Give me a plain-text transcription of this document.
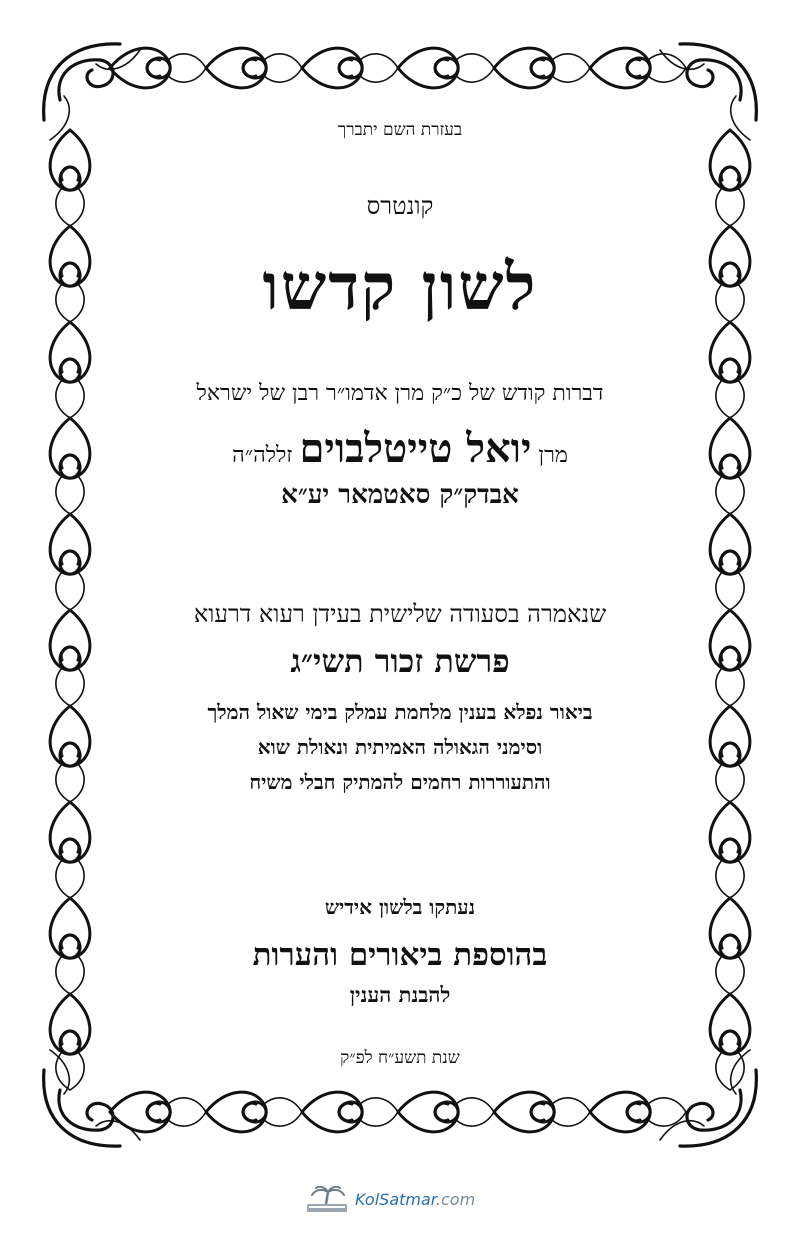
בעזרת השם יתברך
קונטרס
לשון קדשו
דברות קודש של כ״ק מרן אדמו״ר רבן של ישראל
מרן יואל טייטלבוים זללה״ה
אבדק״ק סאטמאר יע״א
שנאמרה בסעודה שלישית בעידן רעוא דרעוא
פרשת זכור תשי״ג
ביאור נפלא בענין מלחמת עמלק בימי שאול המלך
וסימני הגאולה האמיתית ונאולת שוא
והתעוררות רחמים להמתיק חבלי משיח
נעתקו בלשון אידיש
בהוספת ביאורים והערות
להבנת הענין
שנת תשע״ח לפ״ק
KolSatmar.com
